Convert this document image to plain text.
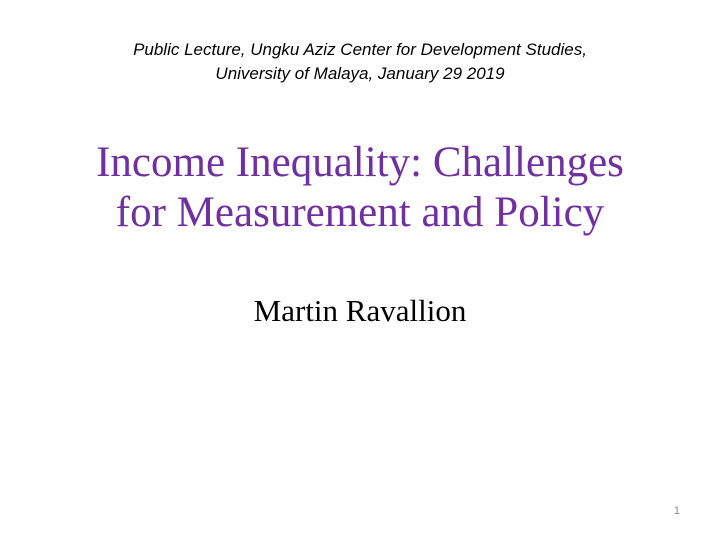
Public Lecture, Ungku Aziz Center for Development Studies,
University of Malaya, January 29 2019
Income Inequality: Challenges
for Measurement and Policy
Martin Ravallion
1
